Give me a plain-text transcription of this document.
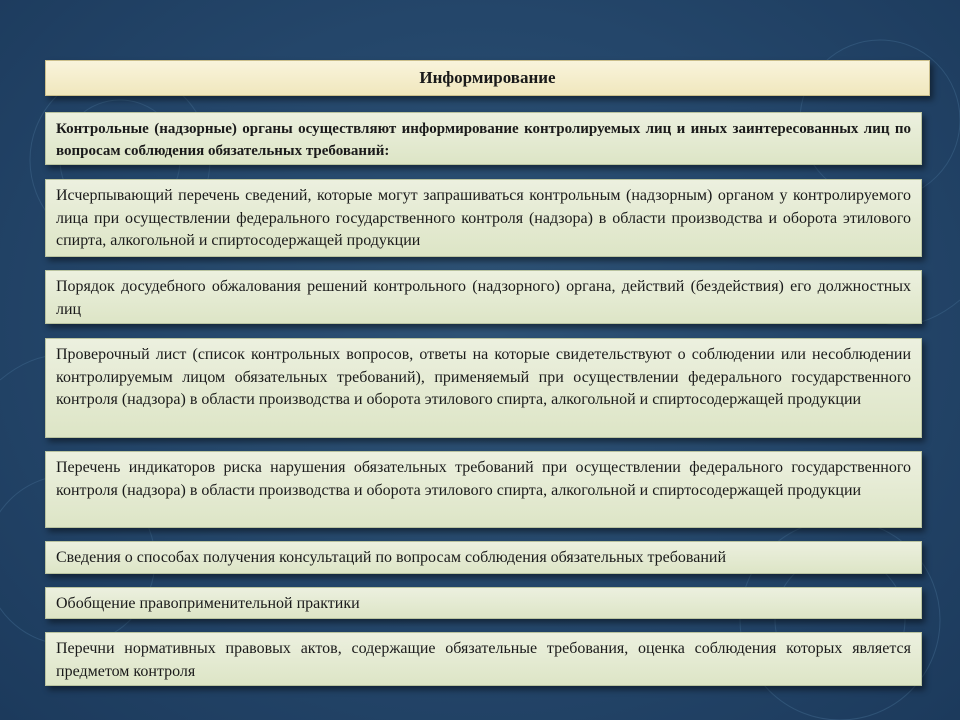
Информирование
Контрольные (надзорные) органы осуществляют информирование контролируемых лиц и иных заинтересованных лиц по вопросам соблюдения обязательных требований:
Исчерпывающий перечень сведений, которые могут запрашиваться контрольным (надзорным) органом у контролируемого лица при осуществлении федерального государственного контроля (надзора) в области производства и оборота этилового спирта, алкогольной и спиртосодержащей продукции
Порядок досудебного обжалования решений контрольного (надзорного) органа, действий (бездействия) его должностных лиц
Проверочный лист (список контрольных вопросов, ответы на которые свидетельствуют о соблюдении или несоблюдении контролируемым лицом обязательных требований), применяемый при осуществлении федерального государственного контроля (надзора) в области производства и оборота этилового спирта, алкогольной и спиртосодержащей продукции
Перечень индикаторов риска нарушения обязательных требований при осуществлении федерального государственного контроля (надзора) в области производства и оборота этилового спирта, алкогольной и спиртосодержащей продукции
Сведения о способах получения консультаций по вопросам соблюдения обязательных требований
Обобщение правоприменительной практики
Перечни нормативных правовых актов, содержащие обязательные требования, оценка соблюдения которых является предметом контроля
